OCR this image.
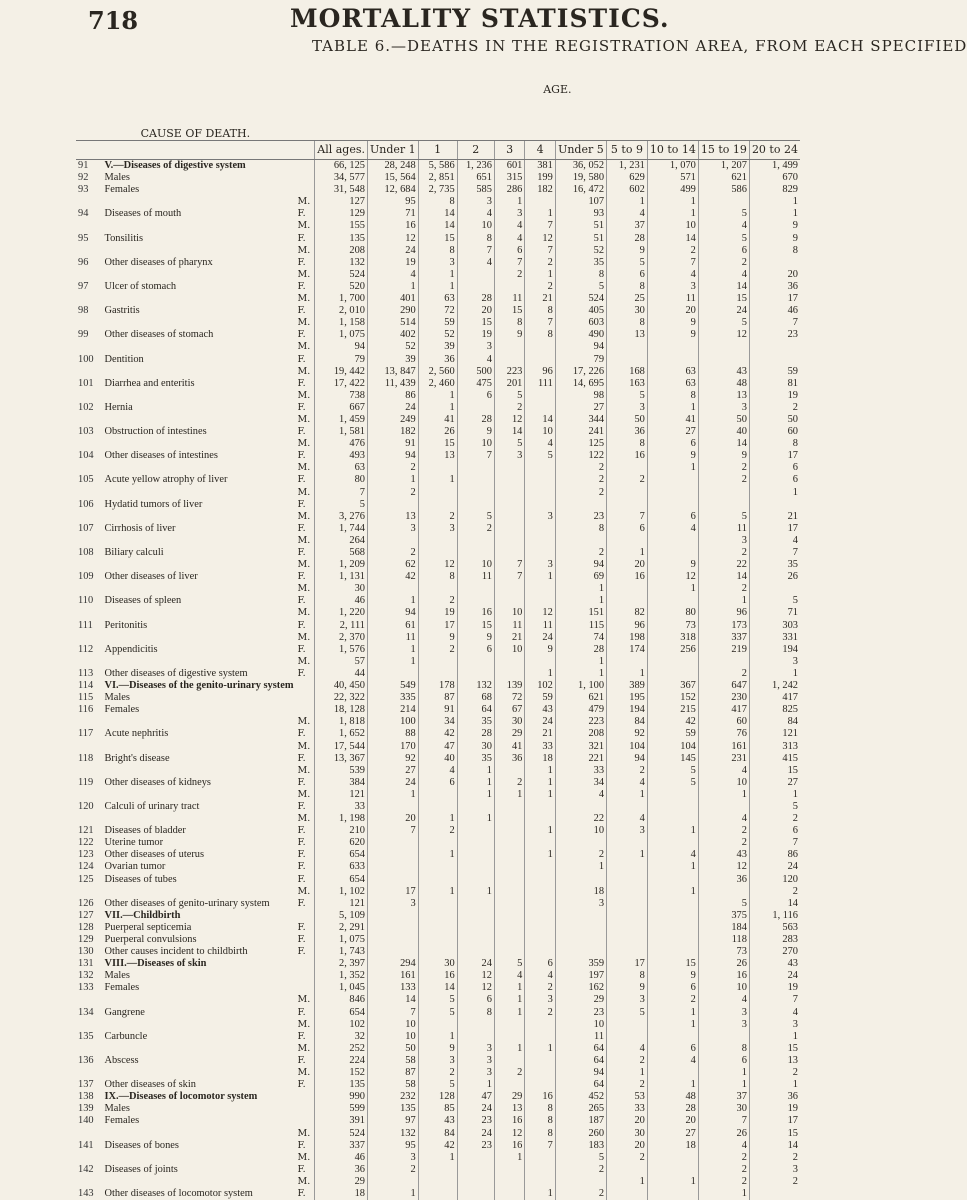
718	MORTALITY STATISTICS.
TABLE 6.—DEATHS IN THE REGISTRATION AREA, FROM EACH SPECIFIED
CAUSE OF DEATH.			AGE.										
			All ages.	Under 1	1	2	3	4	Under 5	5 to 9	10 to 14	15 to 19	20 to 24
91	V.—Diseases of digestive system		66, 125	28, 248	5, 586	1, 236	601	381	36, 052	1, 231	1, 070	1, 207	1, 499
92	Males		34, 577	15, 564	2, 851	651	315	199	19, 580	629	571	621	670
93	Females		31, 548	12, 684	2, 735	585	286	182	16, 472	602	499	586	829
		M.	127	95	8	3	1		107	1	1		1
94	Diseases of mouth	F.	129	71	14	4	3	1	93	4	1	5	1
		M.	155	16	14	10	4	7	51	37	10	4	9
95	Tonsilitis	F.	135	12	15	8	4	12	51	28	14	5	9
		M.	208	24	8	7	6	7	52	9	2	6	8
96	Other diseases of pharynx	F.	132	19	3	4	7	2	35	5	7	2	
		M.	524	4	1		2	1	8	6	4	4	20
97	Ulcer of stomach	F.	520	1	1			2	5	8	3	14	36
		M.	1, 700	401	63	28	11	21	524	25	11	15	17
98	Gastritis	F.	2, 010	290	72	20	15	8	405	30	20	24	46
		M.	1, 158	514	59	15	8	7	603	8	9	5	7
99	Other diseases of stomach	F.	1, 075	402	52	19	9	8	490	13	9	12	23
		M.	94	52	39	3			94				
100	Dentition	F.	79	39	36	4			79				
		M.	19, 442	13, 847	2, 560	500	223	96	17, 226	168	63	43	59
101	Diarrhea and enteritis	F.	17, 422	11, 439	2, 460	475	201	111	14, 695	163	63	48	81
		M.	738	86	1	6	5		98	5	8	13	19
102	Hernia	F.	667	24	1		2		27	3	1	3	2
		M.	1, 459	249	41	28	12	14	344	50	41	50	50
103	Obstruction of intestines	F.	1, 581	182	26	9	14	10	241	36	27	40	60
		M.	476	91	15	10	5	4	125	8	6	14	8
104	Other diseases of intestines	F.	493	94	13	7	3	5	122	16	9	9	17
		M.	63	2					2		1	2	6
105	Acute yellow atrophy of liver	F.	80	1	1				2	2		2	6
		M.	7	2					2				1
106	Hydatid tumors of liver	F.	5										
		M.	3, 276	13	2	5		3	23	7	6	5	21
107	Cirrhosis of liver	F.	1, 744	3	3	2			8	6	4	11	17
		M.	264									3	4
108	Biliary calculi	F.	568	2					2	1		2	7
		M.	1, 209	62	12	10	7	3	94	20	9	22	35
109	Other diseases of liver	F.	1, 131	42	8	11	7	1	69	16	12	14	26
		M.	30						1		1	2	
110	Diseases of spleen	F.	46	1	2				1			1	5
		M.	1, 220	94	19	16	10	12	151	82	80	96	71
111	Peritonitis	F.	2, 111	61	17	15	11	11	115	96	73	173	303
		M.	2, 370	11	9	9	21	24	74	198	318	337	331
112	Appendicitis	F.	1, 576	1	2	6	10	9	28	174	256	219	194
		M.	57	1					1				3
113	Other diseases of digestive system	F.	44					1	1	1		2	1
114	VI.—Diseases of the genito-urinary system		40, 450	549	178	132	139	102	1, 100	389	367	647	1, 242
115	Males		22, 322	335	87	68	72	59	621	195	152	230	417
116	Females		18, 128	214	91	64	67	43	479	194	215	417	825
		M.	1, 818	100	34	35	30	24	223	84	42	60	84
117	Acute nephritis	F.	1, 652	88	42	28	29	21	208	92	59	76	121
		M.	17, 544	170	47	30	41	33	321	104	104	161	313
118	Bright's disease	F.	13, 367	92	40	35	36	18	221	94	145	231	415
		M.	539	27	4	1		1	33	2	5	4	15
119	Other diseases of kidneys	F.	384	24	6	1	2	1	34	4	5	10	27
		M.	121	1		1	1	1	4	1		1	1
120	Calculi of urinary tract	F.	33										5
		M.	1, 198	20	1	1			22	4		4	2
121	Diseases of bladder	F.	210	7	2			1	10	3	1	2	6
122	Uterine tumor	F.	620									2	7
123	Other diseases of uterus	F.	654		1			1	2	1	4	43	86
124	Ovarian tumor	F.	633						1		1	12	24
125	Diseases of tubes	F.	654									36	120
		M.	1, 102	17	1	1			18		1		2
126	Other diseases of genito-urinary system	F.	121	3					3			5	14
127	VII.—Childbirth		5, 109									375	1, 116
128	Puerperal septicemia	F.	2, 291									184	563
129	Puerperal convulsions	F.	1, 075									118	283
130	Other causes incident to childbirth	F.	1, 743									73	270
131	VIII.—Diseases of skin		2, 397	294	30	24	5	6	359	17	15	26	43
132	Males		1, 352	161	16	12	4	4	197	8	9	16	24
133	Females		1, 045	133	14	12	1	2	162	9	6	10	19
		M.	846	14	5	6	1	3	29	3	2	4	7
134	Gangrene	F.	654	7	5	8	1	2	23	5	1	3	4
		M.	102	10					10		1	3	3
135	Carbuncle	F.	32	10	1				11				1
		M.	252	50	9	3	1	1	64	4	6	8	15
136	Abscess	F.	224	58	3	3			64	2	4	6	13
		M.	152	87	2	3	2		94	1		1	2
137	Other diseases of skin	F.	135	58	5	1			64	2	1	1	1
138	IX.—Diseases of locomotor system		990	232	128	47	29	16	452	53	48	37	36
139	Males		599	135	85	24	13	8	265	33	28	30	19
140	Females		391	97	43	23	16	8	187	20	20	7	17
		M.	524	132	84	24	12	8	260	30	27	26	15
141	Diseases of bones	F.	337	95	42	23	16	7	183	20	18	4	14
		M.	46	3	1		1		5	2		2	2
142	Diseases of joints	F.	36	2					2			2	3
		M.	29							1	1	2	2
143	Other diseases of locomotor system	F.	18	1				1	2			1	
